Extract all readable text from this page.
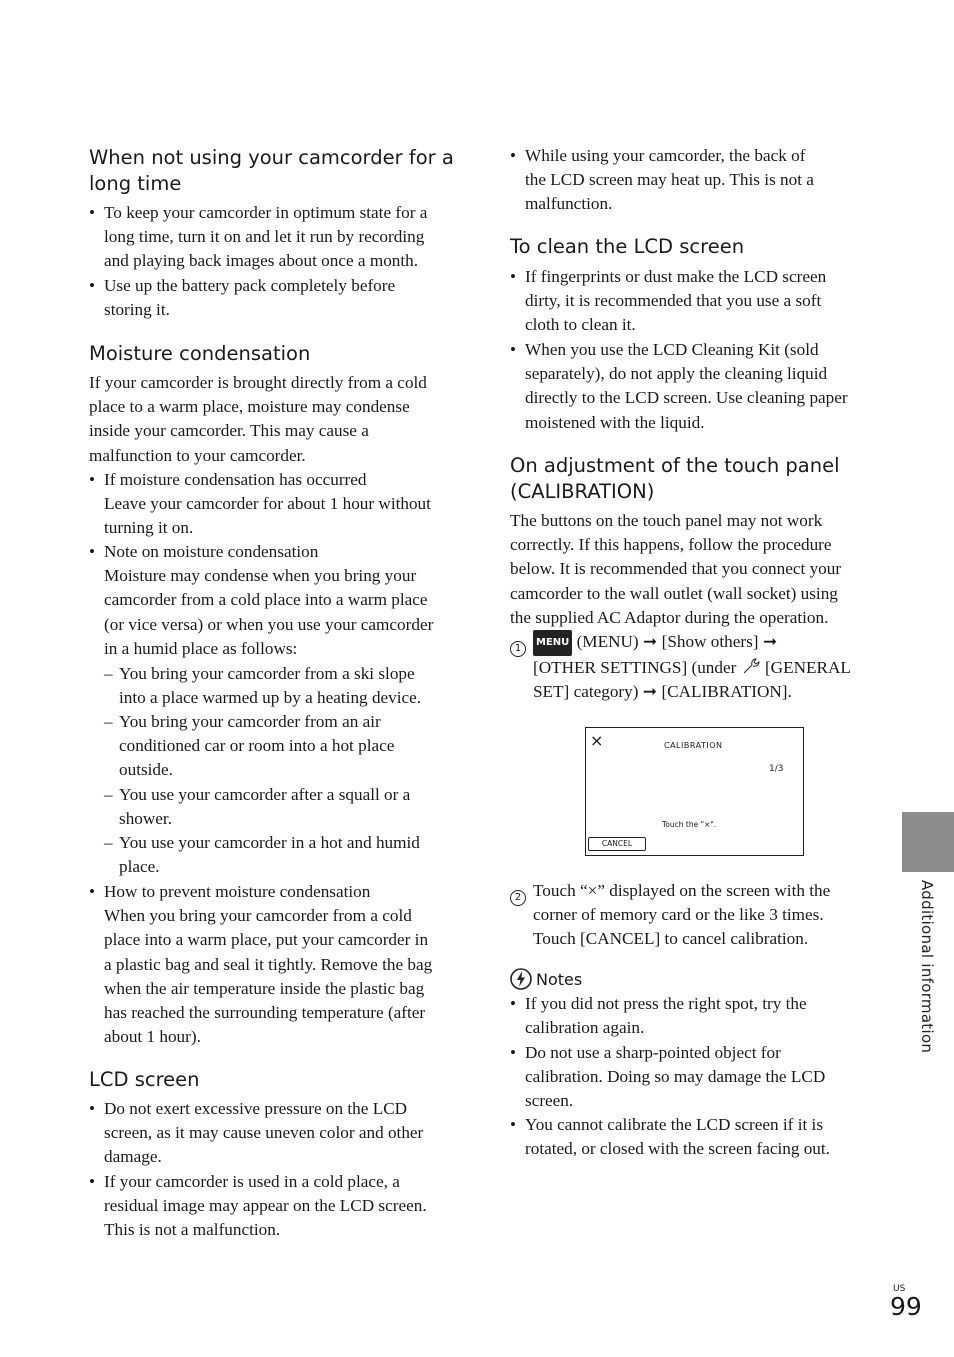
When not using your camcorder for a
long time
• To keep your camcorder in optimum state for a
long time, turn it on and let it run by recording
and playing back images about once a month.
• Use up the battery pack completely before
storing it.
Moisture condensation

If your camcorder is brought directly from a cold
place to a warm place, moisture may condense
inside your camcorder. This may cause a
malfunction to your camcorder.

• If moisture condensation has occurred
Leave your camcorder for about 1 hour without
turning it on.
• Note on moisture condensation
Moisture may condense when you bring your
camcorder from a cold place into a warm place
(or vice versa) or when you use your camcorder
in a humid place as follows:
– You bring your camcorder from a ski slope
into a place warmed up by a heating device.
– You bring your camcorder from an air
conditioned car or room into a hot place
outside.
– You use your camcorder after a squall or a
shower.
– You use your camcorder in a hot and humid
place.
• How to prevent moisture condensation
When you bring your camcorder from a cold
place into a warm place, put your camcorder in
a plastic bag and seal it tightly. Remove the bag
when the air temperature inside the plastic bag
has reached the surrounding temperature (after
about 1 hour).
LCD screen
• Do not exert excessive pressure on the LCD
screen, as it may cause uneven color and other
damage.
• If your camcorder is used in a cold place, a
residual image may appear on the LCD screen.
This is not a malfunction.
• While using your camcorder, the back of
the LCD screen may heat up. This is not a
malfunction.
To clean the LCD screen
• If fingerprints or dust make the LCD screen
dirty, it is recommended that you use a soft
cloth to clean it.
• When you use the LCD Cleaning Kit (sold
separately), do not apply the cleaning liquid
directly to the LCD screen. Use cleaning paper
moistened with the liquid.
On adjustment of the touch panel
(CALIBRATION)

The buttons on the touch panel may not work
correctly. If this happens, follow the procedure
below. It is recommended that you connect your
camcorder to the wall outlet (wall socket) using
the supplied AC Adaptor during the operation.

1
MENU (MENU) ➞ [Show others] ➞
[OTHER SETTINGS] (under  [GENERAL
SET] category) ➞ [CALIBRATION].
×	CALIBRATION
1/3
Touch the "×".
CANCEL
2 Touch “×” displayed on the screen with the
corner of memory card or the like 3 times.
Touch [CANCEL] to cancel calibration.
Notes
• If you did not press the right spot, try the
calibration again.
• Do not use a sharp-pointed object for
calibration. Doing so may damage the LCD
screen.
• You cannot calibrate the LCD screen if it is
rotated, or closed with the screen facing out.
Additional information
US
99
